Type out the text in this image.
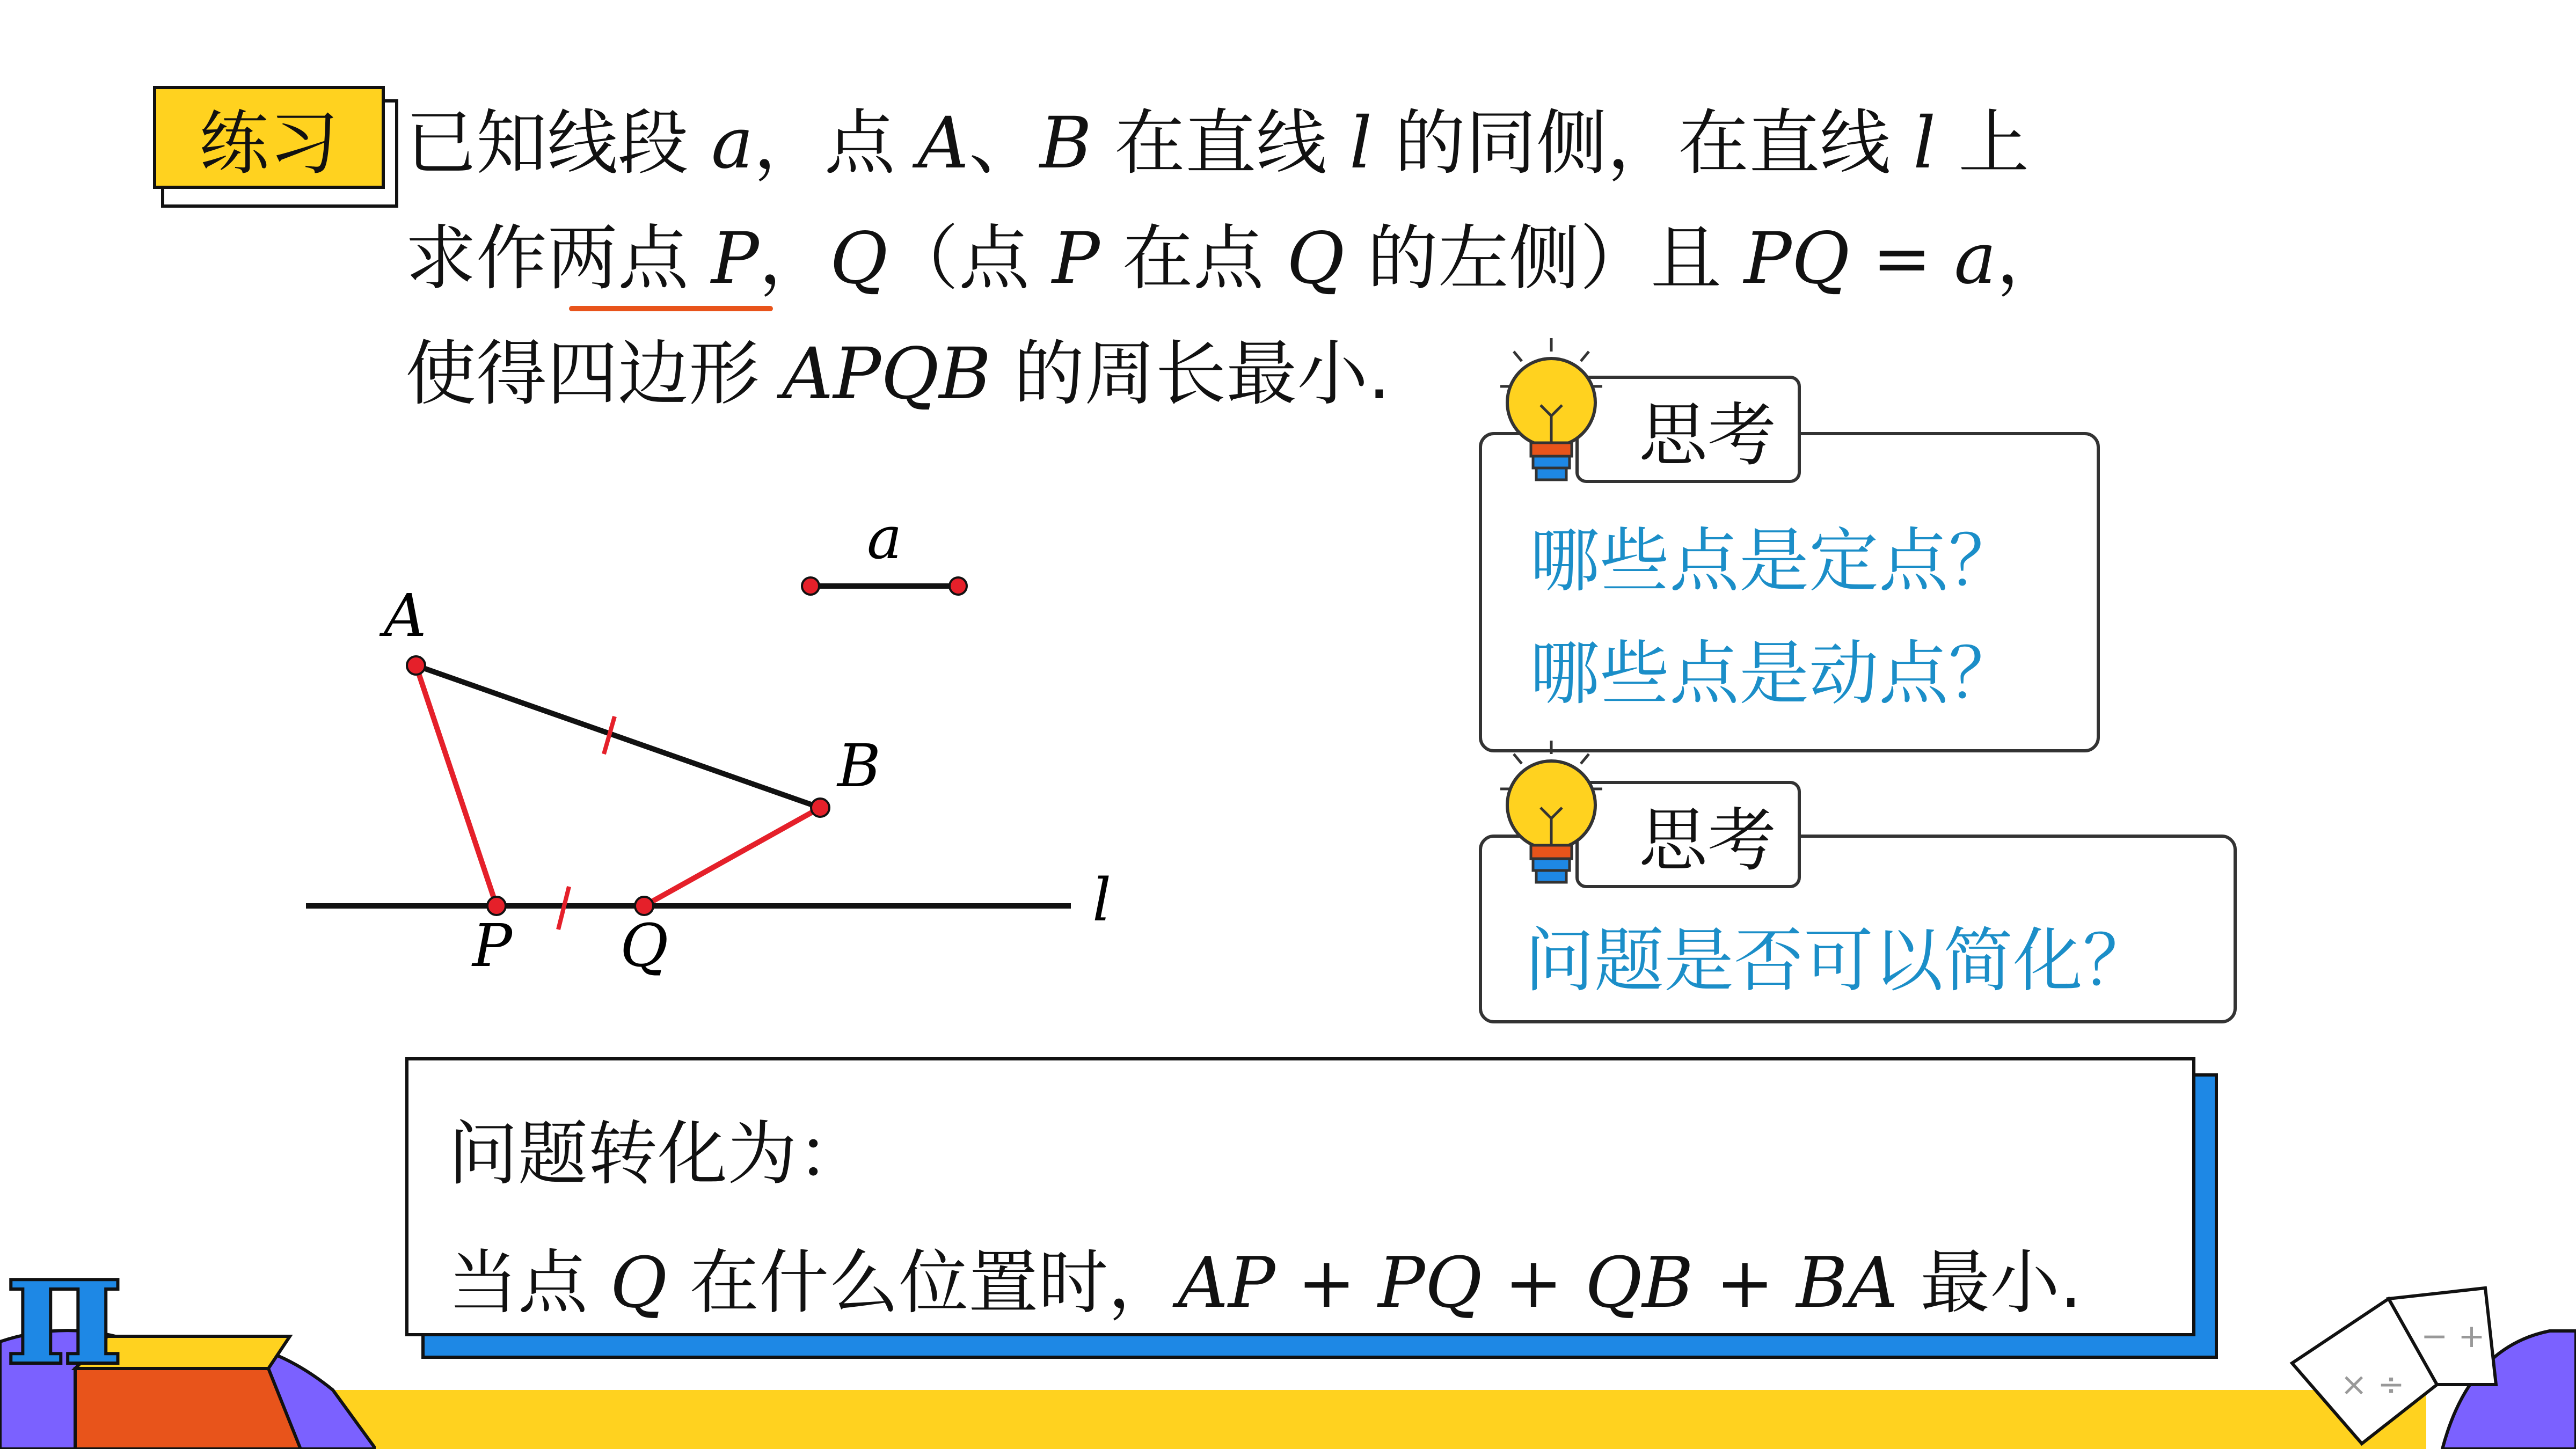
练习 已知线段 a，点 A、B 在直线 l 的同侧，在直线 l 上
求作两点 P，Q（点 P 在点 Q 的左侧）且 PQ = a，
使得四边形 APQB 的周长最小.
A
B
P Q
a
l
思考
哪些点是定点？
哪些点是动点？
思考
问题是否可以简化？
问题转化为：
当点 Q 在什么位置时，AP + PQ + QB + BA 最小.
π	× ÷
− +
